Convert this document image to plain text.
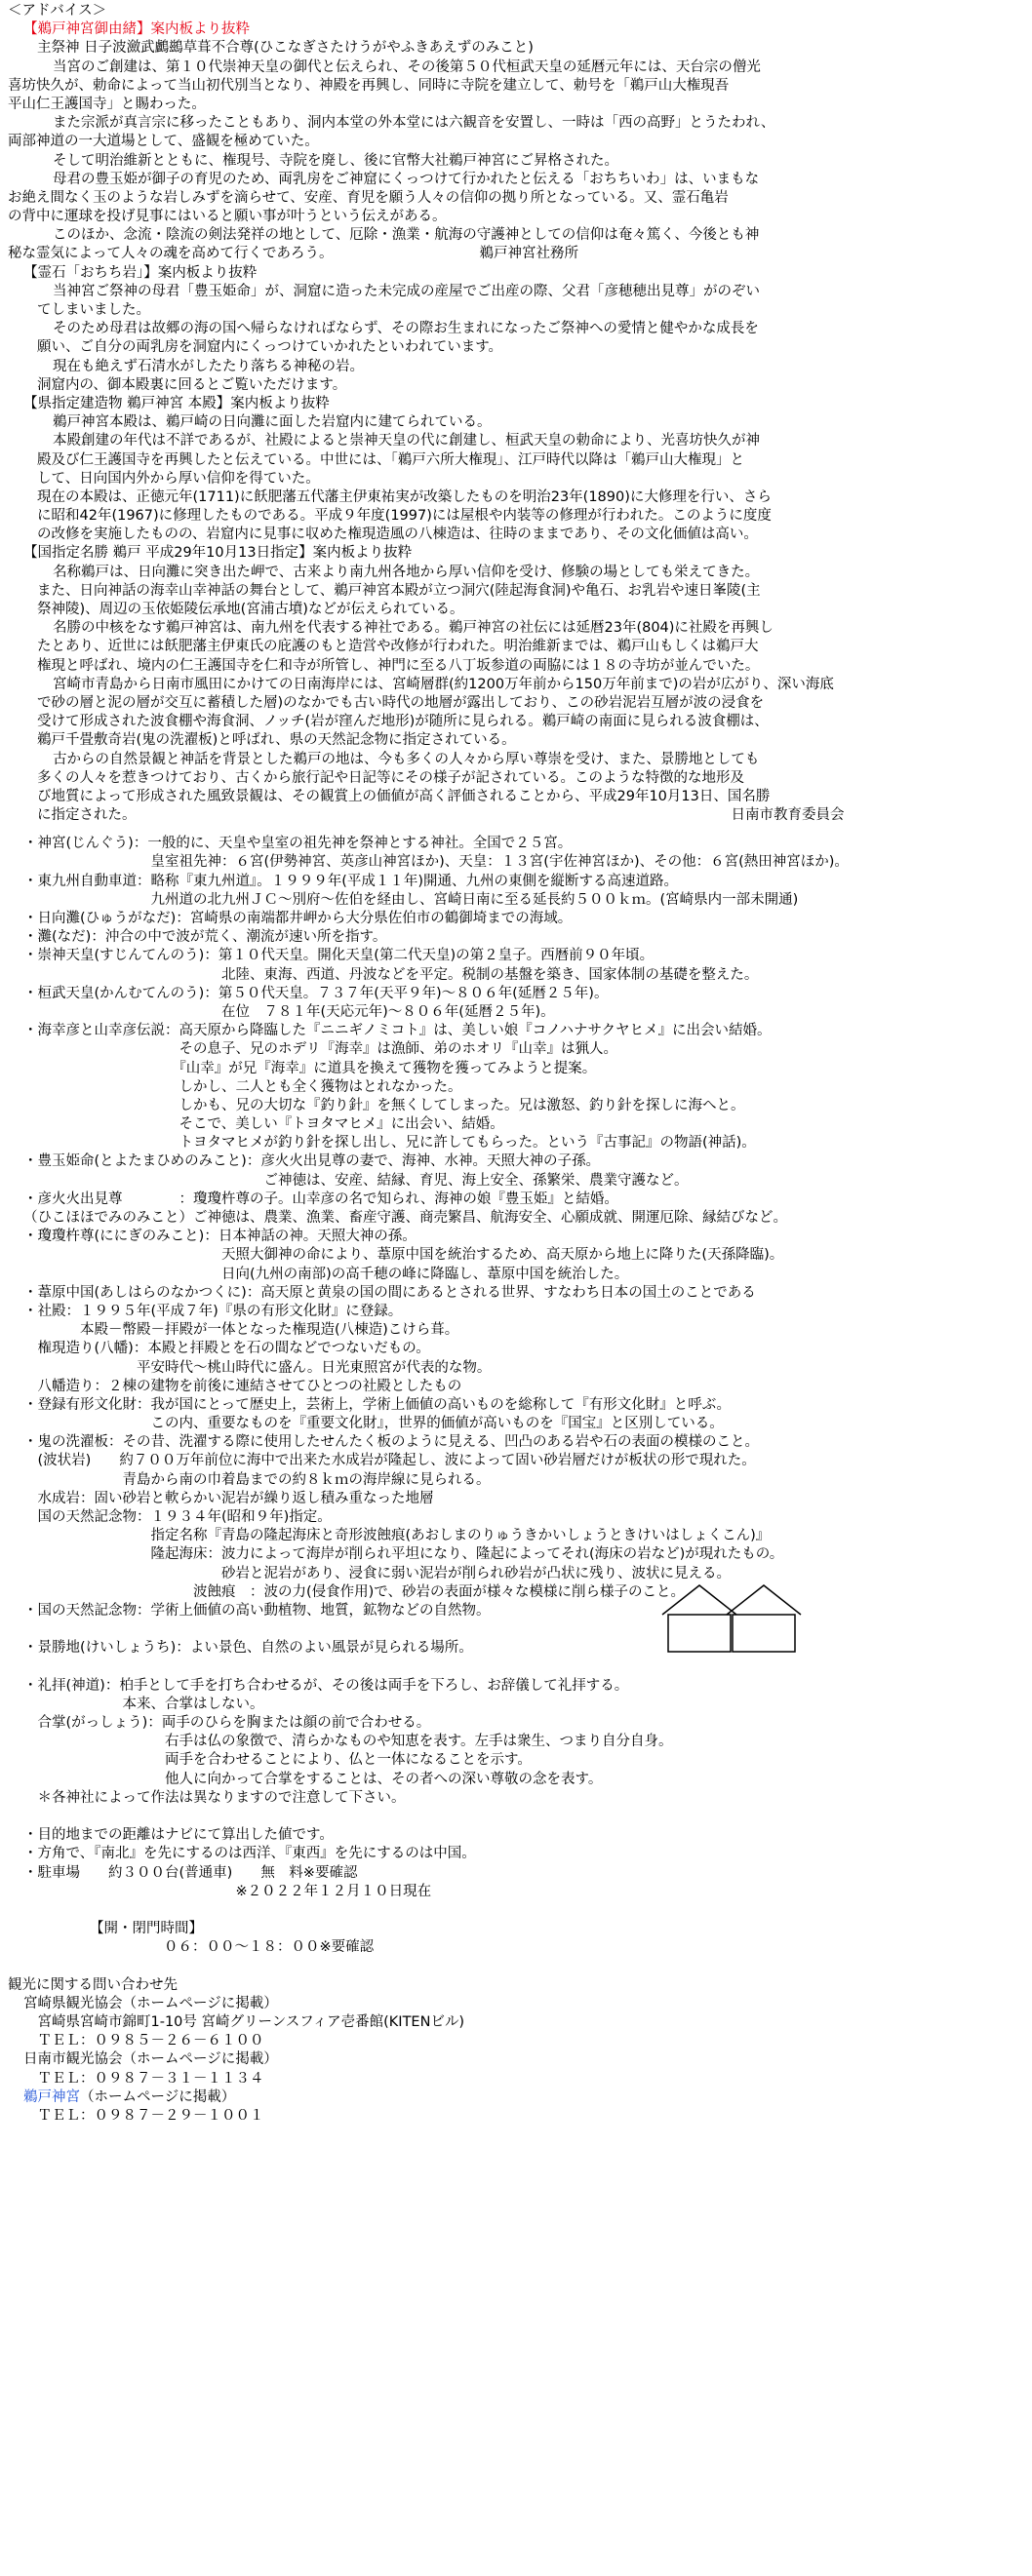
＜アドバイス＞
【鵜戸神宮御由緒】案内板より抜粋
主祭神 日子波瀲武鸕鷀草葺不合尊(ひこなぎさたけうがやふきあえずのみこと)
当宮のご創建は、第１０代崇神天皇の御代と伝えられ、その後第５０代桓武天皇の延暦元年には、天台宗の僧光
喜坊快久が、勅命によって当山初代別当となり、神殿を再興し、同時に寺院を建立して、勅号を「鵜戸山大権現吾
平山仁王護国寺」と賜わった。
また宗派が真言宗に移ったこともあり、洞内本堂の外本堂には六観音を安置し、一時は「西の高野」とうたわれ、
両部神道の一大道場として、盛観を極めていた。
そして明治維新とともに、権現号、寺院を廃し、後に官幣大社鵜戸神宮にご昇格された。
母君の豊玉姫が御子の育児のため、両乳房をご神窟にくっつけて行かれたと伝える「おちちいわ」は、いまもな
お絶え間なく玉のような岩しみずを滴らせて、安産、育児を願う人々の信仰の拠り所となっている。又、霊石亀岩
の背中に運球を投げ見事にはいると願い事が叶うという伝えがある。
このほか、念流・陰流の剣法発祥の地として、厄除・漁業・航海の守護神としての信仰は奄々篤く、今後とも神
秘な霊気によって人々の魂を高めて行くであろう。	鵜戸神宮社務所
【霊石「おちち岩」】案内板より抜粋
当神宮ご祭神の母君「豊玉姫命」が、洞窟に造った未完成の産屋でご出産の際、父君「彦穂穂出見尊」がのぞい
てしまいました。
そのため母君は故郷の海の国へ帰らなければならず、その際お生まれになったご祭神への愛情と健やかな成長を
願い、ご自分の両乳房を洞窟内にくっつけていかれたといわれています。
現在も絶えず石清水がしたたり落ちる神秘の岩。
洞窟内の、御本殿裏に回るとご覧いただけます。
【県指定建造物 鵜戸神宮 本殿】案内板より抜粋
鵜戸神宮本殿は、鵜戸崎の日向灘に面した岩窟内に建てられている。
本殿創建の年代は不詳であるが、社殿によると崇神天皇の代に創建し、桓武天皇の勅命により、光喜坊快久が神
殿及び仁王護国寺を再興したと伝えている。中世には、「鵜戸六所大権現」、江戸時代以降は「鵜戸山大権現」と
して、日向国内外から厚い信仰を得ていた。
現在の本殿は、正徳元年(1711)に飫肥藩五代藩主伊東祐実が改築したものを明治23年(1890)に大修理を行い、さら
に昭和42年(1967)に修理したものである。平成９年度(1997)には屋根や内装等の修理が行われた。このように度度
の改修を実施したものの、岩窟内に見事に収めた権現造風の八棟造は、往時のままであり、その文化価値は高い。
【国指定名勝 鵜戸 平成29年10月13日指定】案内板より抜粋
名称鵜戸は、日向灘に突き出た岬で、古来より南九州各地から厚い信仰を受け、修験の場としても栄えてきた。
また、日向神話の海幸山幸神話の舞台として、鵜戸神宮本殿が立つ洞穴(陸起海食洞)や亀石、お乳岩や速日峯陵(主
祭神陵)、周辺の玉依姫陵伝承地(宮浦古墳)などが伝えられている。
名勝の中核をなす鵜戸神宮は、南九州を代表する神社である。鵜戸神宮の社伝には延暦23年(804)に社殿を再興し
たとあり、近世には飫肥藩主伊東氏の庇護のもと造営や改修が行われた。明治維新までは、鵜戸山もしくは鵜戸大
権現と呼ばれ、境内の仁王護国寺を仁和寺が所管し、神門に至る八丁坂参道の両脇には１８の寺坊が並んでいた。
宮崎市青島から日南市風田にかけての日南海岸には、宮崎層群(約1200万年前から150万年前まで)の岩が広がり、深い海底
で砂の層と泥の層が交互に蓄積した層)のなかでも古い時代の地層が露出しており、この砂岩泥岩互層が波の浸食を
受けて形成された波食棚や海食洞、ノッチ(岩が窪んだ地形)が随所に見られる。鵜戸崎の南面に見られる波食棚は、
鵜戸千畳敷奇岩(鬼の洗濯板)と呼ばれ、県の天然記念物に指定されている。
古からの自然景観と神話を背景とした鵜戸の地は、今も多くの人々から厚い尊崇を受け、また、景勝地としても
多くの人々を惹きつけており、古くから旅行記や日記等にその様子が記されている。このような特徴的な地形及
び地質によって形成された風致景観は、その観賞上の価値が高く評価されることから、平成29年10月13日、国名勝
に指定された。	日南市教育委員会
・神宮(じんぐう)：一般的に、天皇や皇室の祖先神を祭神とする神社。全国で２５宮。
　　　　　　　　　皇室祖先神：６宮(伊勢神宮、英彦山神宮ほか)、天皇：１３宮(宇佐神宮ほか)、その他：６宮(熱田神宮ほか)。
・東九州自動車道：略称『東九州道』。１９９９年(平成１１年)開通、九州の東側を縦断する高速道路。
　　　　　　　　　九州道の北九州ＪＣ～別府～佐伯を経由し、宮崎日南に至る延長約５００ｋｍ。(宮崎県内一部未開通)
・日向灘(ひゅうがなだ)：宮崎県の南端都井岬から大分県佐伯市の鶴御埼までの海域。
・灘(なだ)：沖合の中で波が荒く、潮流が速い所を指す。
・崇神天皇(すじんてんのう)：第１０代天皇。開化天皇(第二代天皇)の第２皇子。西暦前９０年頃。
　　　　　　　　　　　　　　北陸、東海、西道、丹波などを平定。税制の基盤を築き、国家体制の基礎を整えた。
・桓武天皇(かんむてんのう)：第５０代天皇。７３７年(天平９年)～８０６年(延暦２５年)。
　　　　　　　　　　　　　　在位　７８１年(天応元年)～８０６年(延暦２５年)。
・海幸彦と山幸彦伝説：高天原から降臨した『ニニギノミコト』は、美しい娘『コノハナサクヤヒメ』に出会い結婚。
　　　　　　　　　　　その息子、兄のホデリ『海幸』は漁師、弟のホオリ『山幸』は猟人。
　　　　　　　　　　　『山幸』が兄『海幸』に道具を換えて獲物を獲ってみようと提案。
　　　　　　　　　　　しかし、二人とも全く獲物はとれなかった。
　　　　　　　　　　　しかも、兄の大切な『釣り針』を無くしてしまった。兄は激怒、釣り針を探しに海へと。
　　　　　　　　　　　そこで、美しい『トヨタマヒメ』に出会い、結婚。
　　　　　　　　　　　トヨタマヒメが釣り針を探し出し、兄に許してもらった。という『古事記』の物語(神話)。
・豊玉姫命(とよたまひめのみこと)：彦火火出見尊の妻で、海神、水神。天照大神の子孫。
　　　　　　　　　　　　　　　　　ご神徳は、安産、結縁、育児、海上安全、孫繁栄、農業守護など。
・彦火火出見尊　　　　：瓊瓊杵尊の子。山幸彦の名で知られ、海神の娘『豊玉姫』と結婚。
（ひこほほでみのみこと）ご神徳は、農業、漁業、畜産守護、商売繁昌、航海安全、心願成就、開運厄除、縁結びなど。
・瓊瓊杵尊(ににぎのみこと)：日本神話の神。天照大神の孫。
　　　　　　　　　　　　　　天照大御神の命により、葦原中国を統治するため、高天原から地上に降りた(天孫降臨)。
　　　　　　　　　　　　　　日向(九州の南部)の高千穂の峰に降臨し、葦原中国を統治した。
・葦原中国(あしはらのなかつくに)：高天原と黄泉の国の間にあるとされる世界、すなわち日本の国土のことである
・社殿：１９９５年(平成７年)『県の有形文化財』に登録。
　　　　本殿－幣殿－拝殿が一体となった権現造(八棟造)こけら葺。
　権現造り(八幡)：本殿と拝殿とを石の間などでつないだもの。
　　　　　　　　平安時代～桃山時代に盛ん。日光東照宮が代表的な物。
　八幡造り：２棟の建物を前後に連結させてひとつの社殿としたもの
・登録有形文化財：我が国にとって歴史上，芸術上，学術上価値の高いものを総称して『有形文化財』と呼ぶ。
　　　　　　　　　この内、重要なものを『重要文化財』，世界的価値が高いものを『国宝』と区別している。
・鬼の洗濯板：その昔、洗濯する際に使用したせんたく板のように見える、凹凸のある岩や石の表面の模様のこと。
　(波状岩)　　約７００万年前位に海中で出来た水成岩が隆起し、波によって固い砂岩層だけが板状の形で現れた。
　　　　　　　青島から南の巾着島までの約８ｋｍの海岸線に見られる。
　水成岩：固い砂岩と軟らかい泥岩が繰り返し積み重なった地層
　国の天然記念物：１９３４年(昭和９年)指定。
　　　　　　　　　指定名称『青島の隆起海床と奇形波蝕痕(あおしまのりゅうきかいしょうときけいはしょくこん)』
　　　　　　　　　隆起海床：波力によって海岸が削られ平坦になり、隆起によってそれ(海床の岩など)が現れたもの。
　　　　　　　　　　　　　　砂岩と泥岩があり、浸食に弱い泥岩が削られ砂岩が凸状に残り、波状に見える。
　　　　　　　　　　　　波蝕痕　：波の力(侵食作用)で、砂岩の表面が様々な模様に削ら様子のこと。
・国の天然記念物：学術上価値の高い動植物、地質，鉱物などの自然物。
・景勝地(けいしょうち)：よい景色、自然のよい風景が見られる場所。
・礼拝(神道)：柏手として手を打ち合わせるが、その後は両手を下ろし、お辞儀して礼拝する。
　　　　　　　本来、合掌はしない。
　合掌(がっしょう)：両手のひらを胸または顔の前で合わせる。
　　　　　　　　　　右手は仏の象徴で、清らかなものや知恵を表す。左手は衆生、つまり自分自身。
　　　　　　　　　　両手を合わせることにより、仏と一体になることを示す。
　　　　　　　　　　他人に向かって合掌をすることは、その者への深い尊敬の念を表す。
　＊各神社によって作法は異なりますので注意して下さい。
・目的地までの距離はナビにて算出した値です。
・方角で、『南北』を先にするのは西洋、『東西』を先にするのは中国。
・駐車場　　約３００台(普通車)　　無　料※要確認
　　　　　　　　　　　　　　　※２０２２年１２月１０日現在
【開・閉門時間】
０６：００～１８：００※要確認
観光に関する問い合わせ先
宮崎県観光協会（ホームページに掲載）
　宮崎県宮崎市錦町1-10号 宮崎グリーンスフィア壱番館(KITENビル)
　ＴＥＬ：０９８５－２６－６１００
日南市観光協会（ホームページに掲載）
　ＴＥＬ：０９８７－３１－１１３４
鵜戸神宮（ホームページに掲載）
　ＴＥＬ：０９８７－２９－１００１
